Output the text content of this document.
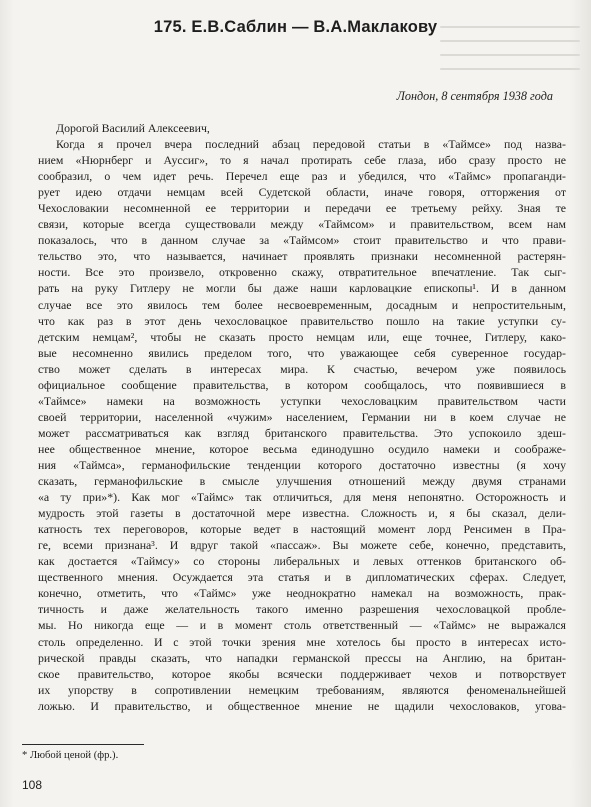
175. Е.В.Саблин — В.А.Маклакову
Лондон, 8 сентября 1938 года
Дорогой Василий Алексеевич,
Когда я прочел вчера последний абзац передовой статьи в «Таймсе» под назва-
нием «Нюрнберг и Аусcиг», то я начал протирать себе глаза, ибо сразу просто не
сообразил, о чем идет речь. Перечел еще раз и убедился, что «Таймс» пропаганди-
рует идею отдачи немцам всей Судетской области, иначе говоря, отторжения от
Чехословакии несомненной ее территории и передачи ее третьему рейху. Зная те
связи, которые всегда существовали между «Таймсом» и правительством, всем нам
показалось, что в данном случае за «Таймсом» стоит правительство и что прави-
тельство это, что называется, начинает проявлять признаки несомненной растерян-
ности. Все это произвело, откровенно скажу, отвратительное впечатление. Так сыг-
рать на руку Гитлеру не могли бы даже наши карловацкие епископы¹. И в данном
случае все это явилось тем более несвоевременным, досадным и непростительным,
что как раз в этот день чехословацкое правительство пошло на такие уступки су-
детским немцам², чтобы не сказать просто немцам или, еще точнее, Гитлеру, како-
вые несомненно явились пределом того, что уважающее себя суверенное государ-
ство может сделать в интересах мира. К счастью, вечером уже появилось
официальное сообщение правительства, в котором сообщалось, что появившиеся в
«Таймсе» намеки на возможность уступки чехословацким правительством части
своей территории, населенной «чужим» населением, Германии ни в коем случае не
может рассматриваться как взгляд британского правительства. Это успокоило здеш-
нее общественное мнение, которое весьма единодушно осудило намеки и соображе-
ния «Таймса», германофильские тенденции которого достаточно известны (я хочу
сказать, германофильские в смысле улучшения отношений между двумя странами
«а ту при»*). Как мог «Таймс» так отличиться, для меня непонятно. Осторожность и
мудрость этой газеты в достаточной мере известна. Сложность и, я бы сказал, дели-
катность тех переговоров, которые ведет в настоящий момент лорд Ренсимен в Пра-
ге, всеми признана³. И вдруг такой «пассаж». Вы можете себе, конечно, представить,
как достается «Таймсу» со стороны либеральных и левых оттенков британского об-
щественного мнения. Осуждается эта статья и в дипломатических сферах. Следует,
конечно, отметить, что «Таймс» уже неоднократно намекал на возможность, прак-
тичность и даже желательность такого именно разрешения чехословацкой пробле-
мы. Но никогда еще — и в момент столь ответственный — «Таймс» не выражался
столь определенно. И с этой точки зрения мне хотелось бы просто в интересах исто-
рической правды сказать, что нападки германской прессы на Англию, на британ-
ское правительство, которое якобы всячески поддерживает чехов и потворствует
их упорству в сопротивлении немецким требованиям, являются феноменальнейшей
ложью. И правительство, и общественное мнение не щадили чехословаков, угова-
* Любой ценой (фр.).
108
